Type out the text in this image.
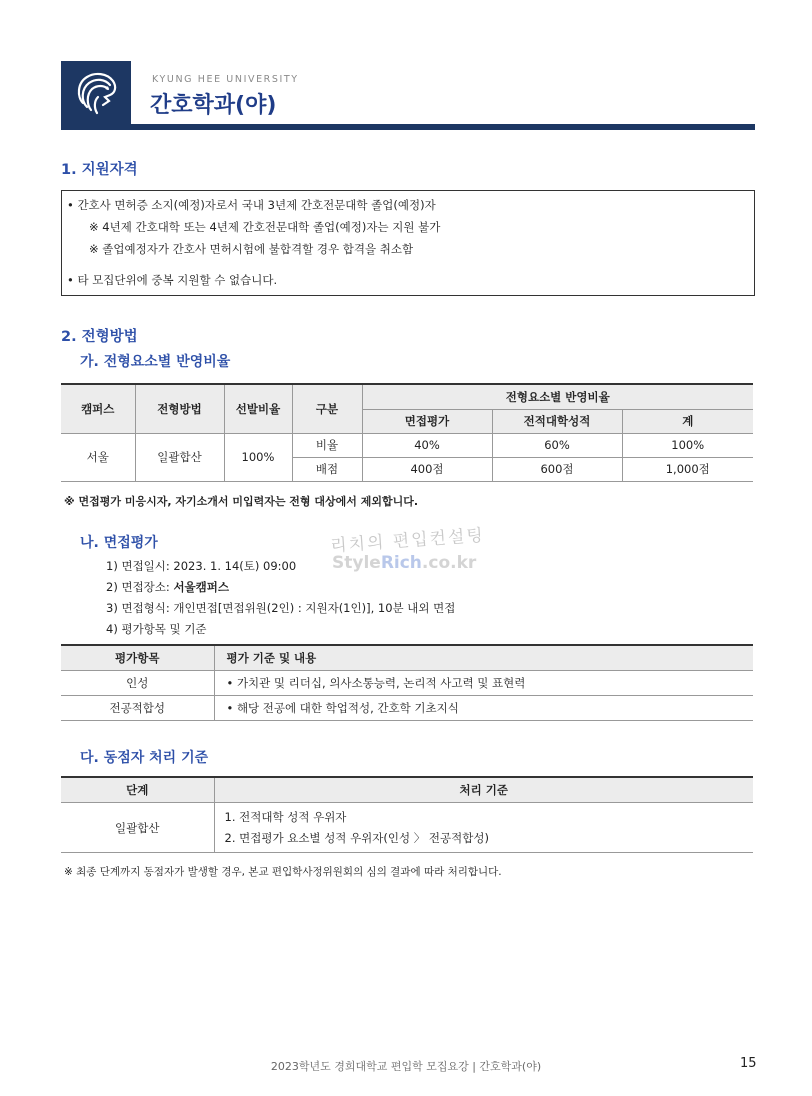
KYUNG HEE UNIVERSITY
간호학과(야)
1. 지원자격
• 간호사 면허증 소지(예정)자로서 국내 3년제 간호전문대학 졸업(예정)자
※ 4년제 간호대학 또는 4년제 간호전문대학 졸업(예정)자는 지원 불가
※ 졸업예정자가 간호사 면허시험에 불합격할 경우 합격을 취소함
• 타 모집단위에 중복 지원할 수 없습니다.
2. 전형방법
가. 전형요소별 반영비율
캠퍼스	전형방법	선발비율	구분	전형요소별 반영비율		
				면접평가	전적대학성적	계
서울	일괄합산	100%	비율	40%	60%	100%
			배점	400점	600점	1,000점
※ 면접평가 미응시자, 자기소개서 미입력자는 전형 대상에서 제외합니다.
리치의 편입컨설팅
StyleRich.co.kr
나. 면접평가
1) 면접일시: 2023. 1. 14(토) 09:00
2) 면접장소: 서울캠퍼스
3) 면접형식: 개인면접[면접위원(2인) : 지원자(1인)], 10분 내외 면접
4) 평가항목 및 기준
평가항목	평가 기준 및 내용
인성	• 가치관 및 리더십, 의사소통능력, 논리적 사고력 및 표현력
전공적합성	• 해당 전공에 대한 학업적성, 간호학 기초지식
다. 동점자 처리 기준
단계	처리 기준
일괄합산	1. 전적대학 성적 우위자
2. 면접평가 요소별 성적 우위자(인성 〉 전공적합성)
※ 최종 단계까지 동점자가 발생할 경우, 본교 편입학사정위원회의 심의 결과에 따라 처리합니다.
2023학년도 경희대학교 편입학 모집요강 | 간호학과(야)	15
